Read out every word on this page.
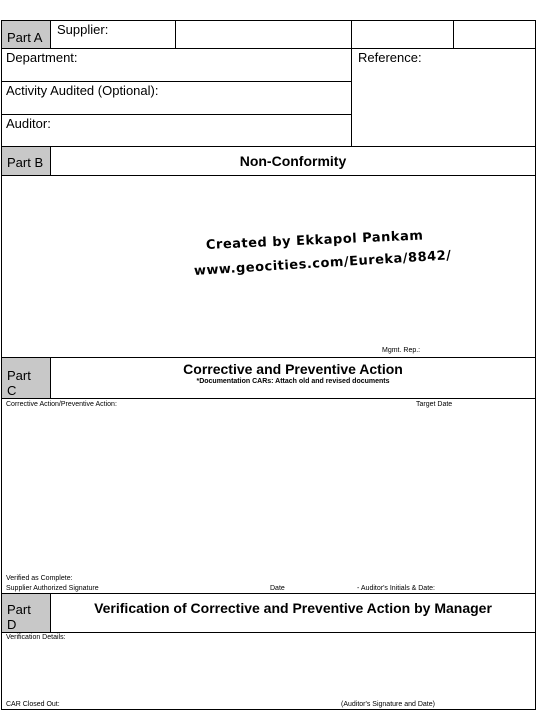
Part A
Supplier:
Department:
Activity Audited (Optional):
Auditor:
Reference:
Part B	Non-Conformity
Created by Ekkapol Pankam
www.geocities.com/Eureka/8842/
Mgmt. Rep.:
Part
C
Corrective and Preventive Action
*Documentation CARs: Attach old and revised documents
Corrective Action/Preventive Action:	Target Date
Verified as Complete:
Supplier Authorized Signature	Date	- Auditor's Initials & Date:
Part
D
Verification of Corrective and Preventive Action by Manager
Verification Details:
CAR Closed Out:	(Auditor's Signature and Date)
